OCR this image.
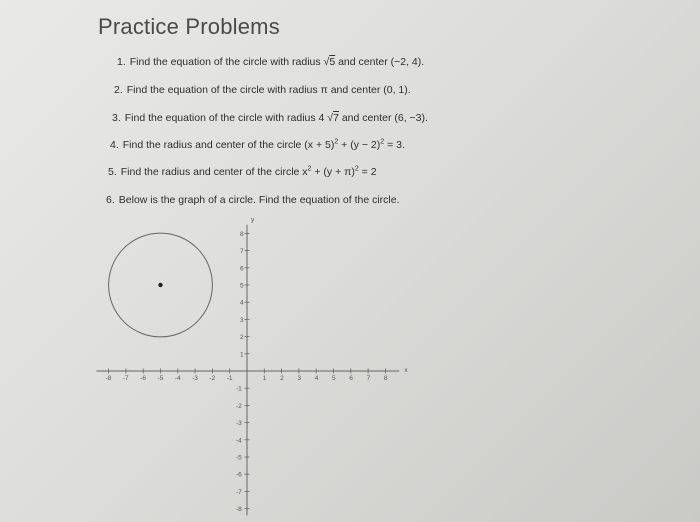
Practice Problems
1. Find the equation of the circle with radius √5 and center (−2, 4).
2. Find the equation of the circle with radius π and center (0, 1).
3. Find the equation of the circle with radius 4 √7 and center (6, −3).
4. Find the radius and center of the circle $(x + 5)^2 + (y - 2)^2 = 3$.
5. Find the radius and center of the circle $x^2 + (y + \pi)^2 = 2$
6. Below is the graph of a circle. Find the equation of the circle.
x
y
-8 -7 -6 -5 -4 -3 -2 -1	1 2 3 4 5 6 7 8
1
2
3
4
5
6
7
8
-1
-2
-3
-4
-5
-6
-7
-8
